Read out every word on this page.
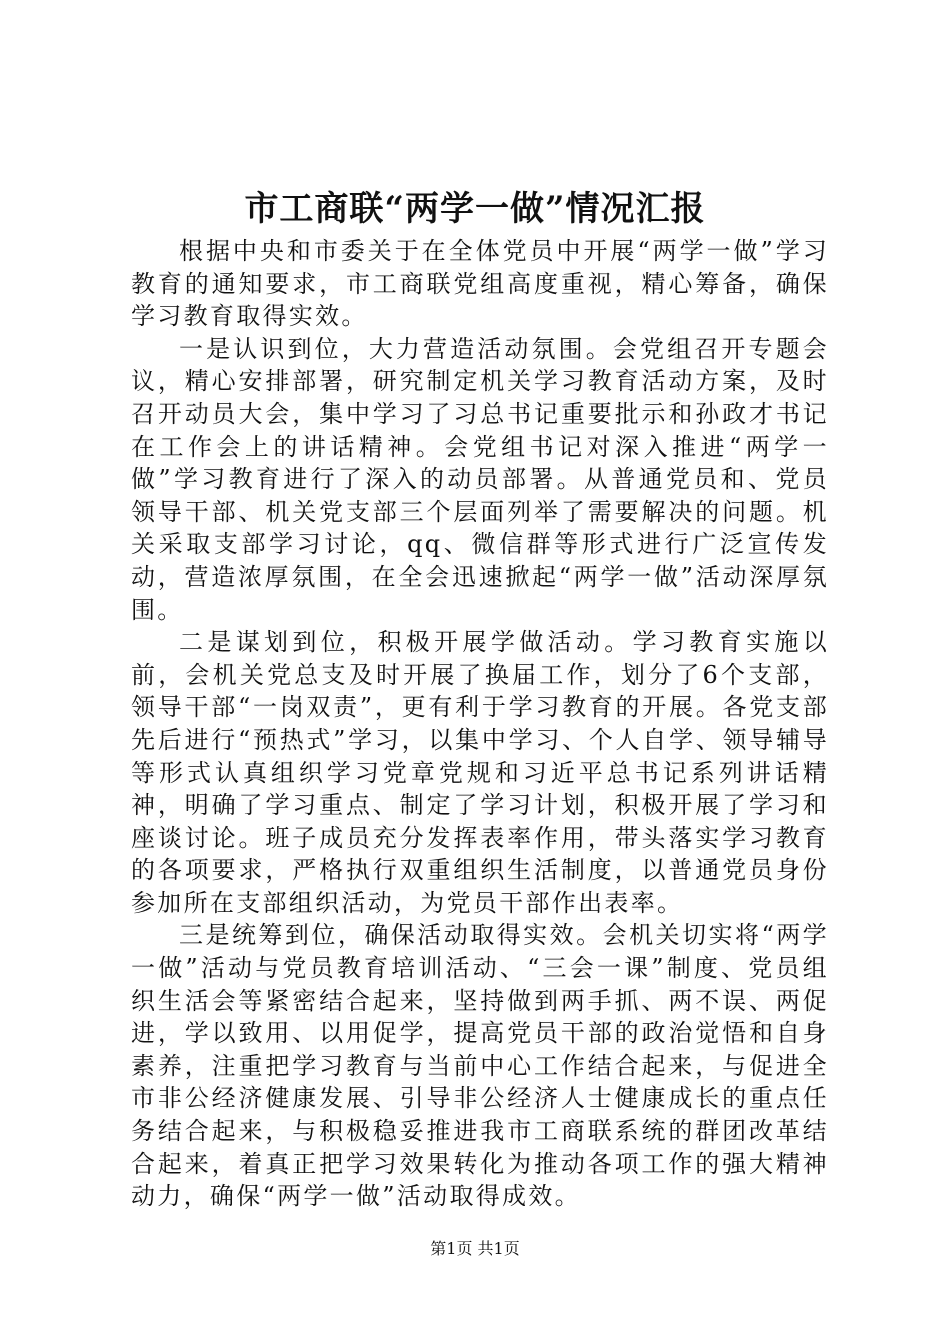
市工商联“两学一做”情况汇报

根据中央和市委关于在全体党员中开展“两学一做”学习教育的通知要求，市工商联党组高度重视，精心筹备，确保学习教育取得实效。

一是认识到位，大力营造活动氛围。会党组召开专题会议，精心安排部署，研究制定机关学习教育活动方案，及时召开动员大会，集中学习了习总书记重要批示和孙政才书记在工作会上的讲话精神。会党组书记对深入推进“两学一做”学习教育进行了深入的动员部署。从普通党员和、党员领导干部、机关党支部三个层面列举了需要解决的问题。机关采取支部学习讨论，qq、微信群等形式进行广泛宣传发动，营造浓厚氛围，在全会迅速掀起“两学一做”活动深厚氛围。

二是谋划到位，积极开展学做活动。学习教育实施以前，会机关党总支及时开展了换届工作，划分了6个支部，领导干部“一岗双责”，更有利于学习教育的开展。各党支部先后进行“预热式”学习，以集中学习、个人自学、领导辅导等形式认真组织学习党章党规和习近平总书记系列讲话精神，明确了学习重点、制定了学习计划，积极开展了学习和座谈讨论。班子成员充分发挥表率作用，带头落实学习教育的各项要求，严格执行双重组织生活制度，以普通党员身份参加所在支部组织活动，为党员干部作出表率。

三是统筹到位，确保活动取得实效。会机关切实将“两学一做”活动与党员教育培训活动、“三会一课”制度、党员组织生活会等紧密结合起来，坚持做到两手抓、两不误、两促进，学以致用、以用促学，提高党员干部的政治觉悟和自身素养，注重把学习教育与当前中心工作结合起来，与促进全市非公经济健康发展、引导非公经济人士健康成长的重点任务结合起来，与积极稳妥推进我市工商联系统的群团改革结合起来，着真正把学习效果转化为推动各项工作的强大精神动力，确保“两学一做”活动取得成效。

第1页 共1页
